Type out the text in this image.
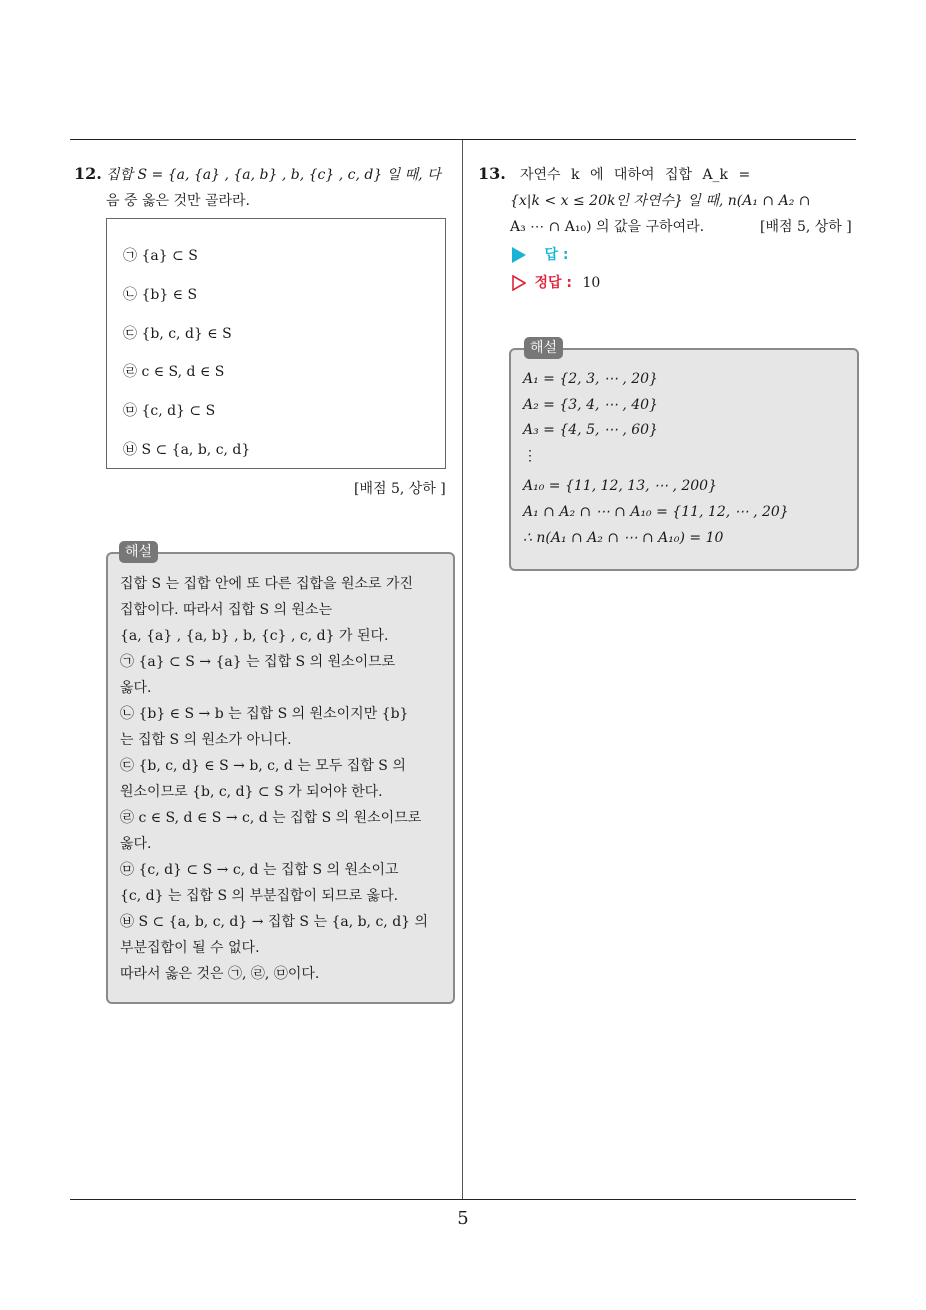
5
12. 집합 S = {a, {a} , {a, b} , b, {c} , c, d} 일 때, 다
음 중 옳은 것만 골라라.
㉠ {a} ⊂ S
㉡ {b} ∈ S
㉢ {b, c, d} ∈ S
㉣ c ∈ S, d ∈ S
㉤ {c, d} ⊂ S
㉥ S ⊂ {a, b, c, d}
[배점 5, 상하 ]
집합 S 는 집합 안에 또 다른 집합을 원소로 가진
집합이다. 따라서 집합 S 의 원소는
{a, {a} , {a, b} , b, {c} , c, d} 가 된다.
㉠ {a} ⊂ S → {a} 는 집합 S 의 원소이므로
옳다.
㉡ {b} ∈ S → b 는 집합 S 의 원소이지만 {b}
는 집합 S 의 원소가 아니다.
㉢ {b, c, d} ∈ S → b, c, d 는 모두 집합 S 의
원소이므로 {b, c, d} ⊂ S 가 되어야 한다.
㉣ c ∈ S, d ∈ S → c, d 는 집합 S 의 원소이므로
옳다.
㉤ {c, d} ⊂ S → c, d 는 집합 S 의 원소이고
{c, d} 는 집합 S 의 부분집합이 되므로 옳다.
㉥ S ⊂ {a, b, c, d} → 집합 S 는 {a, b, c, d} 의
부분집합이 될 수 없다.
따라서 옳은 것은 ㉠, ㉣, ㉤이다.
해설
13. 자연수 k 에 대하여 집합 A_k =
{x|k < x ≤ 20k인 자연수} 일 때, n(A₁ ∩ A₂ ∩
A₃ ⋯ ∩ A₁₀) 의 값을 구하여라.	[배점 5, 상하 ]
답 :
정답 : 10
A₁ = {2, 3, ⋯ , 20}
A₂ = {3, 4, ⋯ , 40}
A₃ = {4, 5, ⋯ , 60}
⋮
A₁₀ = {11, 12, 13, ⋯ , 200}
A₁ ∩ A₂ ∩ ⋯ ∩ A₁₀ = {11, 12, ⋯ , 20}
∴ n(A₁ ∩ A₂ ∩ ⋯ ∩ A₁₀) = 10
해설
